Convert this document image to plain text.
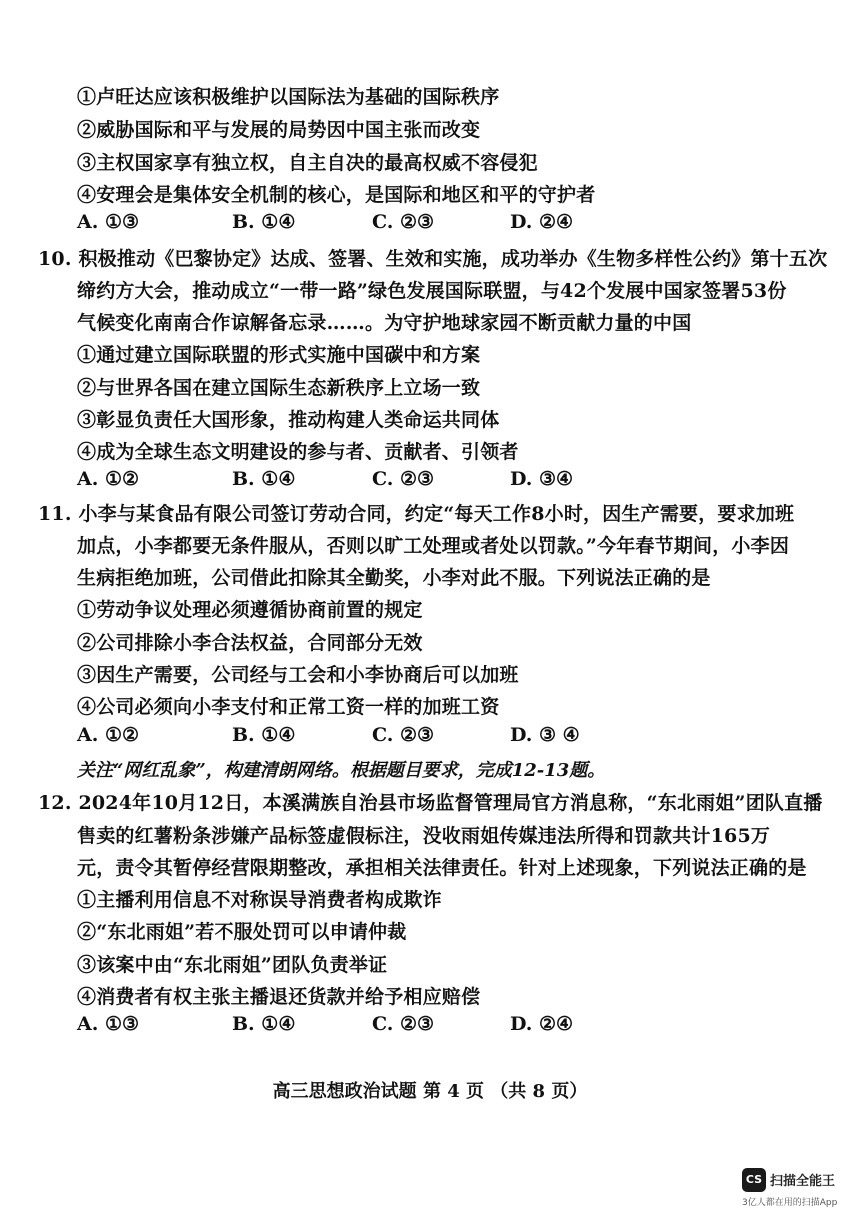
①卢旺达应该积极维护以国际法为基础的国际秩序
②威胁国际和平与发展的局势因中国主张而改变
③主权国家享有独立权，自主自决的最高权威不容侵犯
④安理会是集体安全机制的核心，是国际和地区和平的守护者
A. ①③	B. ①④	C. ②③	D. ②④
10. 积极推动《巴黎协定》达成、签署、生效和实施，成功举办《生物多样性公约》第十五次
缔约方大会，推动成立“一带一路”绿色发展国际联盟，与42个发展中国家签署53份
气候变化南南合作谅解备忘录……。为守护地球家园不断贡献力量的中国
①通过建立国际联盟的形式实施中国碳中和方案
②与世界各国在建立国际生态新秩序上立场一致
③彰显负责任大国形象，推动构建人类命运共同体
④成为全球生态文明建设的参与者、贡献者、引领者
A. ①②	B. ①④	C. ②③	D. ③④
11. 小李与某食品有限公司签订劳动合同，约定“每天工作8小时，因生产需要，要求加班
加点，小李都要无条件服从，否则以旷工处理或者处以罚款。”今年春节期间，小李因
生病拒绝加班，公司借此扣除其全勤奖，小李对此不服。下列说法正确的是
①劳动争议处理必须遵循协商前置的规定
②公司排除小李合法权益，合同部分无效
③因生产需要，公司经与工会和小李协商后可以加班
④公司必须向小李支付和正常工资一样的加班工资
A. ①②	B. ①④	C. ②③	D. ③ ④
关注“网红乱象”，构建清朗网络。根据题目要求，完成12-13题。
12. 2024年10月12日，本溪满族自治县市场监督管理局官方消息称，“东北雨姐”团队直播
售卖的红薯粉条涉嫌产品标签虚假标注，没收雨姐传媒违法所得和罚款共计165万
元，责令其暂停经营限期整改，承担相关法律责任。针对上述现象，下列说法正确的是
①主播利用信息不对称误导消费者构成欺诈
②“东北雨姐”若不服处罚可以申请仲裁
③该案中由“东北雨姐”团队负责举证
④消费者有权主张主播退还货款并给予相应赔偿
A. ①③	B. ①④	C. ②③	D. ②④
高三思想政治试题 第 4 页 （共 8 页）
CS 扫描全能王
3亿人都在用的扫描App
